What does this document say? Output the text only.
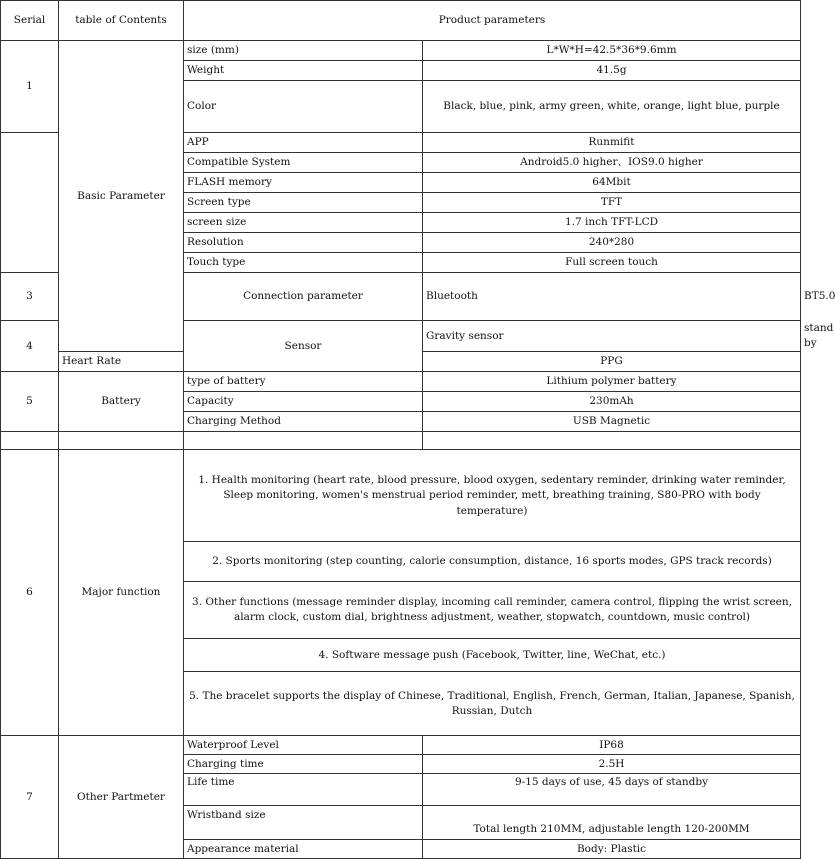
Serial	table of Contents	Product parameters		
1	Basic Parameter	size (mm)	L*W*H=42.5*36*9.6mm	
		Weight	41.5g	
		Color	Black, blue, pink, army green, white, orange, light blue, purple	
		APP	Runmifit	
		Compatible System	Android5.0 higher、IOS9.0 higher	
		FLASH memory	64Mbit	
		Screen type	TFT	
		screen size	1.7 inch TFT-LCD	
		Resolution	240*280	
		Touch type	Full screen touch	
3		Connection parameter	Bluetooth	BT5.0
4		Sensor	Gravity sensor	stand by
	Heart Rate		PPG	
5	Battery	type of battery	Lithium polymer battery	
		Capacity	230mAh	
		Charging Method	USB Magnetic	

6	Major function	1. Health monitoring (heart rate, blood pressure, blood oxygen, sedentary reminder, drinking water reminder,
Sleep monitoring, women's menstrual period reminder, mett, breathing training, S80-PRO with body temperature)		
		2. Sports monitoring (step counting, calorie consumption, distance, 16 sports modes, GPS track records)		
		3. Other functions (message reminder display, incoming call reminder, camera control, flipping the wrist screen, alarm clock, custom dial, brightness adjustment, weather, stopwatch, countdown, music control)		
		4. Software message push (Facebook, Twitter, line, WeChat, etc.)		
		5. The bracelet supports the display of Chinese, Traditional, English, French, German, Italian, Japanese, Spanish, Russian, Dutch		
7	Other Partmeter	Waterproof Level	IP68	
		Charging time	2.5H	
		Life time	9-15 days of use, 45 days of standby	
		Wristband size	Total length 210MM, adjustable length 120-200MM	
		Appearance material	Body: Plastic	
